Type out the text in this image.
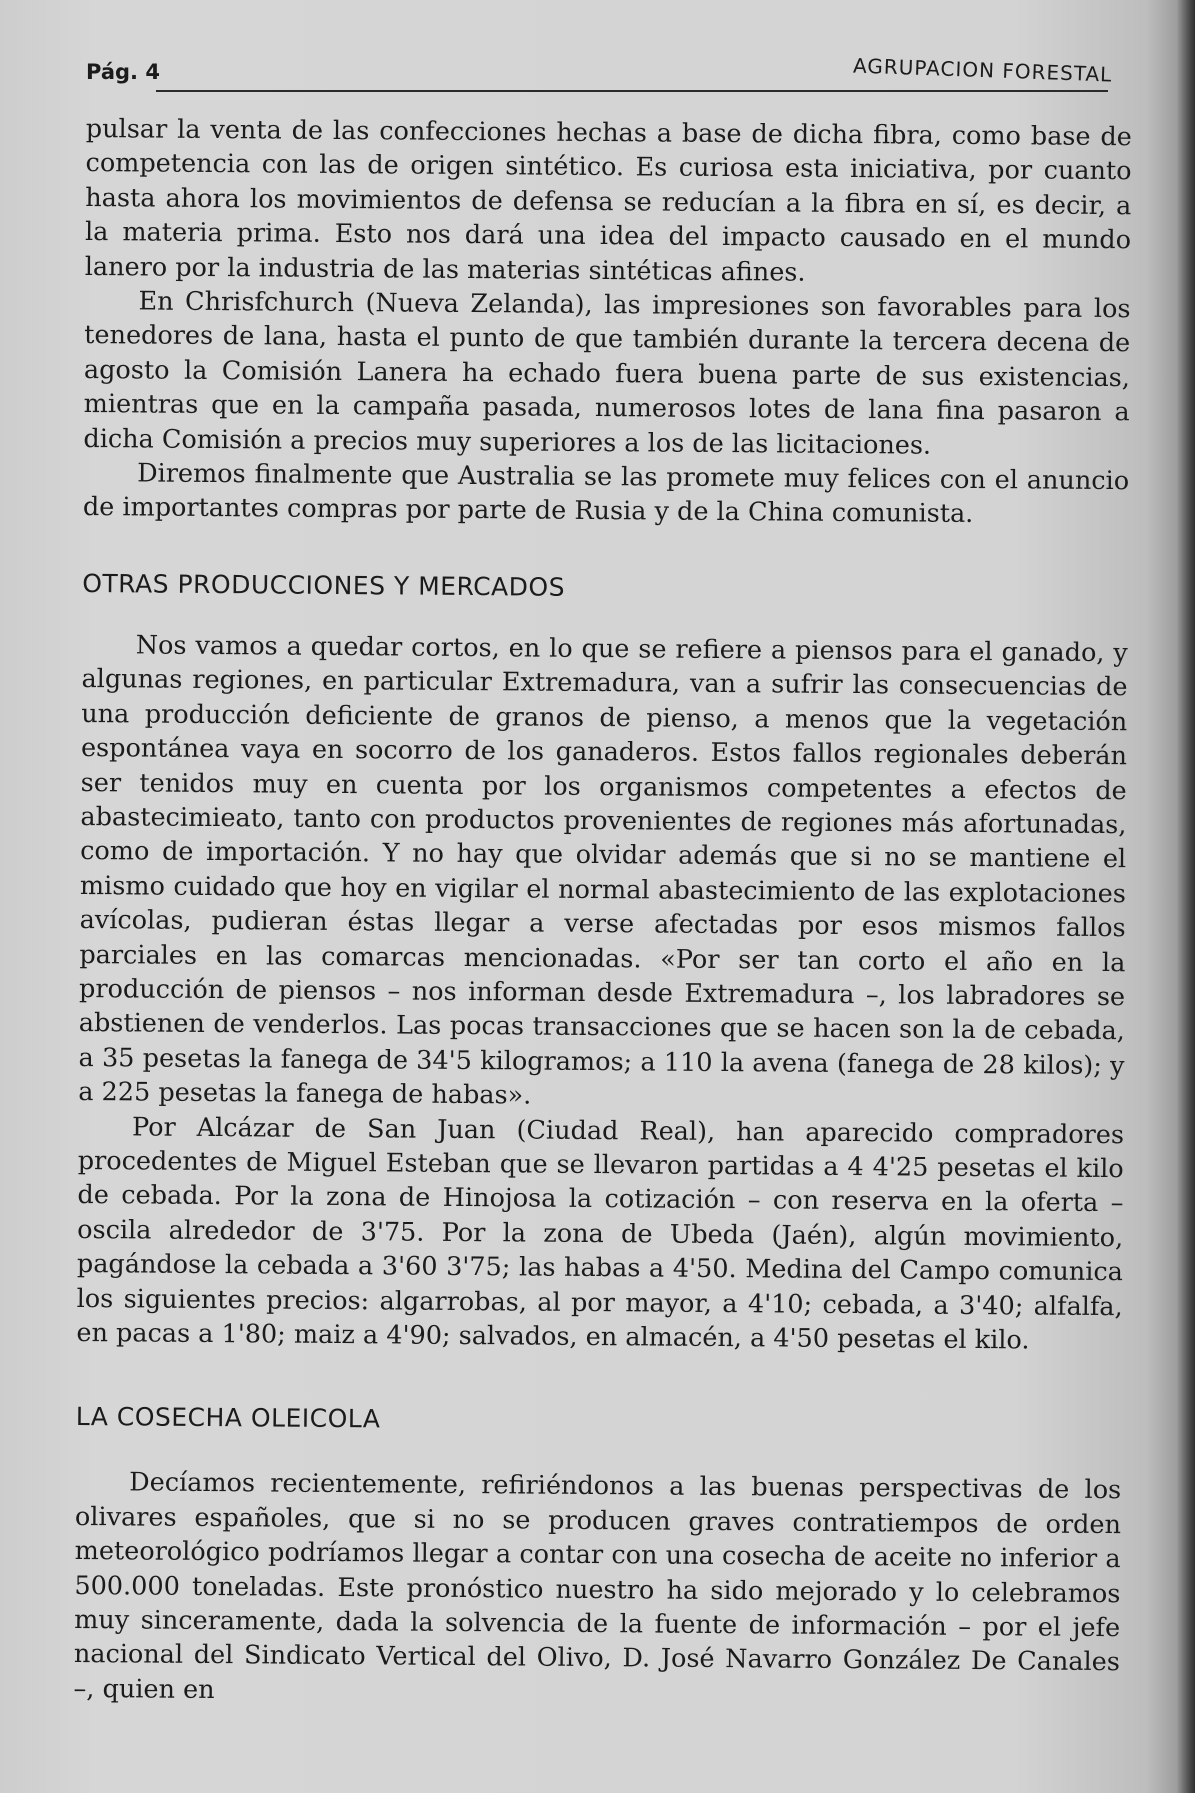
Pág. 4	AGRUPACION FORESTAL

pulsar la venta de las confecciones hechas a base de dicha fibra, como base de competencia con las de origen sintético. Es curiosa esta iniciativa, por cuanto hasta ahora los movimientos de defensa se reducían a la fibra en sí, es decir, a la materia prima. Esto nos dará una idea del impacto causado en el mundo lanero por la industria de las materias sintéticas afines.

En Chrisfchurch (Nueva Zelanda), las impresiones son favorables para los tenedores de lana, hasta el punto de que también durante la tercera decena de agosto la Comisión Lanera ha echado fuera buena parte de sus existencias, mientras que en la campaña pasada, numerosos lotes de lana fina pasaron a dicha Comisión a precios muy superiores a los de las licitaciones.

Diremos finalmente que Australia se las promete muy felices con el anuncio de importantes compras por parte de Rusia y de la China comunista.

OTRAS PRODUCCIONES Y MERCADOS

Nos vamos a quedar cortos, en lo que se refiere a piensos para el ganado, y algunas regiones, en particular Extremadura, van a sufrir las consecuencias de una producción deficiente de granos de pienso, a menos que la vegetación espontánea vaya en socorro de los ganaderos. Estos fallos regionales deberán ser tenidos muy en cuenta por los organismos competentes a efectos de abastecimieato, tanto con productos provenientes de regiones más afortunadas, como de importación. Y no hay que olvidar además que si no se mantiene el mismo cuidado que hoy en vigilar el normal abastecimiento de las explotaciones avícolas, pudieran éstas llegar a verse afectadas por esos mismos fallos parciales en las comarcas mencionadas. «Por ser tan corto el año en la producción de piensos – nos informan desde Extremadura –, los labradores se abstienen de venderlos. Las pocas transacciones que se hacen son la de cebada, a 35 pesetas la fanega de 34'5 kilogramos; a 110 la avena (fanega de 28 kilos); y a 225 pesetas la fanega de habas».

Por Alcázar de San Juan (Ciudad Real), han aparecido compradores procedentes de Miguel Esteban que se llevaron partidas a 4 4'25 pesetas el kilo de cebada. Por la zona de Hinojosa la cotización – con reserva en la oferta – oscila alrededor de 3'75. Por la zona de Ubeda (Jaén), algún movimiento, pagándose la cebada a 3'60 3'75; las habas a 4'50. Medina del Campo comunica los siguientes precios: algarrobas, al por mayor, a 4'10; cebada, a 3'40; alfalfa, en pacas a 1'80; maiz a 4'90; salvados, en almacén, a 4'50 pesetas el kilo.

LA COSECHA OLEICOLA

Decíamos recientemente, refiriéndonos a las buenas perspectivas de los olivares españoles, que si no se producen graves contratiempos de orden meteorológico podríamos llegar a contar con una cosecha de aceite no inferior a 500.000 toneladas. Este pronóstico nuestro ha sido mejorado y lo celebramos muy sinceramente, dada la solvencia de la fuente de información – por el jefe nacional del Sindicato Vertical del Olivo, D. José Navarro González De Canales –, quien en
